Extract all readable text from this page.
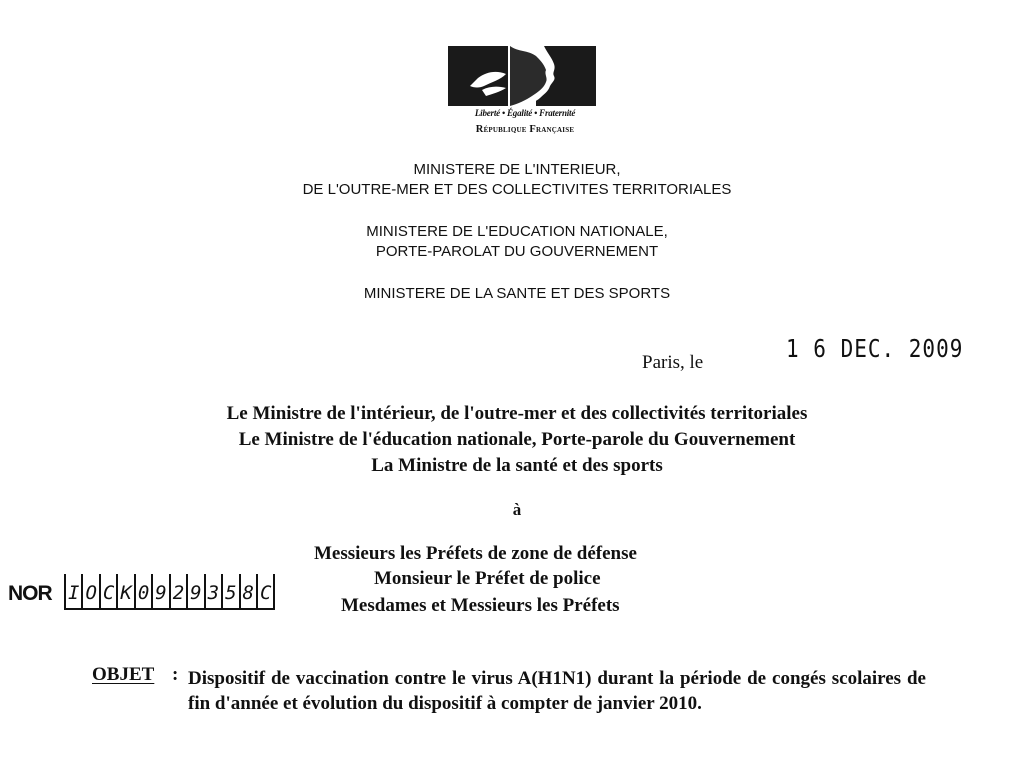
Liberté • Égalité • Fraternité
République Française
MINISTERE DE L'INTERIEUR,
DE L'OUTRE-MER ET DES COLLECTIVITES TERRITORIALES
MINISTERE DE L'EDUCATION NATIONALE,
PORTE-PAROLAT DU GOUVERNEMENT
MINISTERE DE LA SANTE ET DES SPORTS
Paris, le	1 6 DEC. 2009
Le Ministre de l'intérieur, de l'outre-mer et des collectivités territoriales
Le Ministre de l'éducation nationale, Porte-parole du Gouvernement
La Ministre de la santé et des sports
à
Messieurs les Préfets de zone de défense
Monsieur le Préfet de police
Mesdames et Messieurs les Préfets
NOR I O C K 0 9 2 9 3 5 8 C
OBJET : Dispositif de vaccination contre le virus A(H1N1) durant la période de congés scolaires de fin d'année et évolution du dispositif à compter de janvier 2010.
